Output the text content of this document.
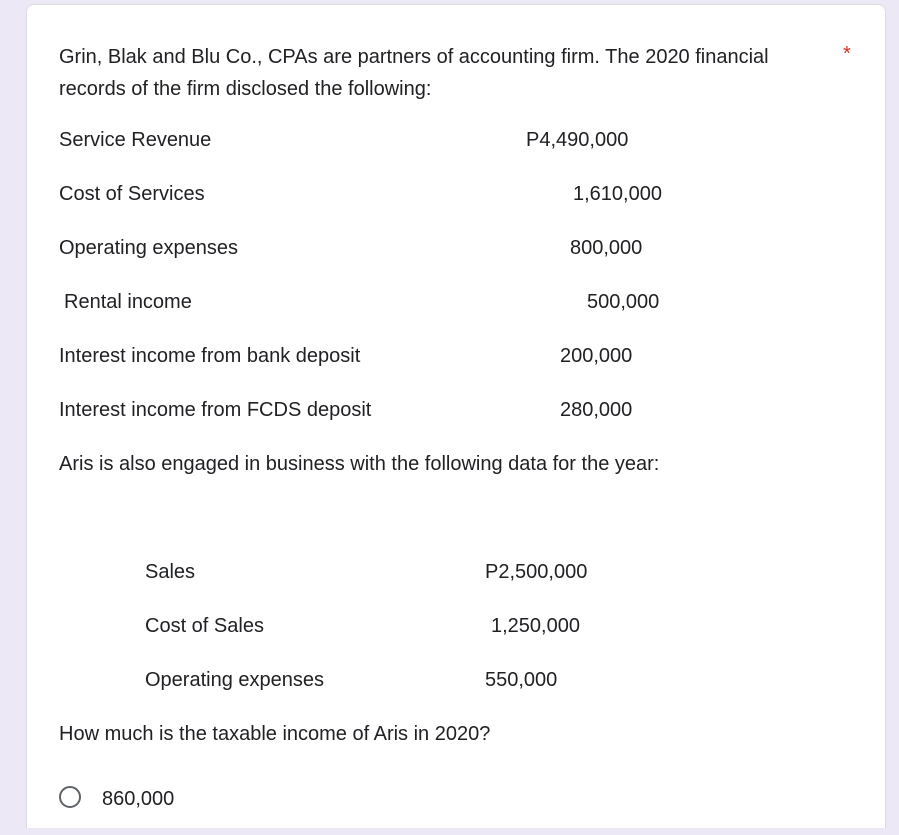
Grin, Blak and Blu Co., CPAs are partners of accounting firm. The 2020 financial records of the firm disclosed the following:
*
Service Revenue	P4,490,000
Cost of Services	1,610,000
Operating expenses	800,000
Rental income	500,000
Interest income from bank deposit	200,000
Interest income from FCDS deposit	280,000
Aris is also engaged in business with the following data for the year:
Sales	P2,500,000
Cost of Sales	1,250,000
Operating expenses	550,000
How much is the taxable income of Aris in 2020?
860,000
